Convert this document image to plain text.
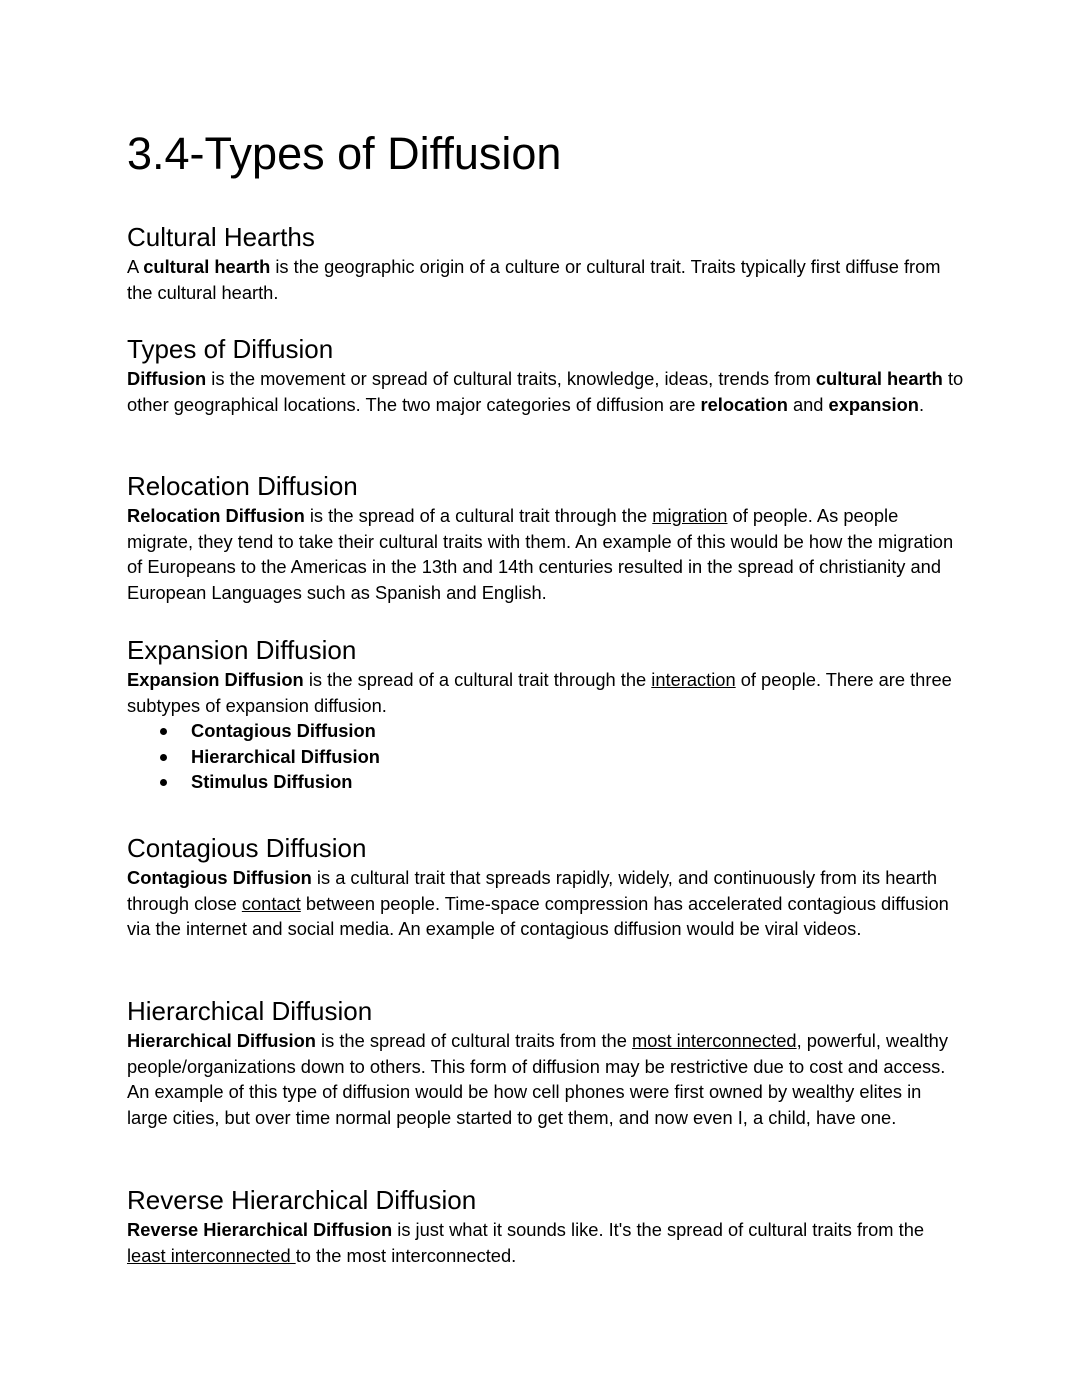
3.4-Types of Diffusion
Cultural Hearths

A cultural hearth is the geographic origin of a culture or cultural trait. Traits typically first diffuse from the cultural hearth.

Types of Diffusion

Diffusion is the movement or spread of cultural traits, knowledge, ideas, trends from cultural hearth to other geographical locations. The two major categories of diffusion are relocation and expansion.

Relocation Diffusion

Relocation Diffusion is the spread of a cultural trait through the migration of people. As people migrate, they tend to take their cultural traits with them. An example of this would be how the migration of Europeans to the Americas in the 13th and 14th centuries resulted in the spread of christianity and European Languages such as Spanish and English.

Expansion Diffusion

Expansion Diffusion is the spread of a cultural trait through the interaction of people. There are three subtypes of expansion diffusion.

Contagious Diffusion
Hierarchical Diffusion
Stimulus Diffusion
Contagious Diffusion

Contagious Diffusion is a cultural trait that spreads rapidly, widely, and continuously from its hearth through close contact between people. Time-space compression has accelerated contagious diffusion via the internet and social media. An example of contagious diffusion would be viral videos.

Hierarchical Diffusion

Hierarchical Diffusion is the spread of cultural traits from the most interconnected, powerful, wealthy people/organizations down to others. This form of diffusion may be restrictive due to cost and access. An example of this type of diffusion would be how cell phones were first owned by wealthy elites in large cities, but over time normal people started to get them, and now even I, a child, have one.

Reverse Hierarchical Diffusion

Reverse Hierarchical Diffusion is just what it sounds like. It's the spread of cultural traits from the least interconnected to the most interconnected.
